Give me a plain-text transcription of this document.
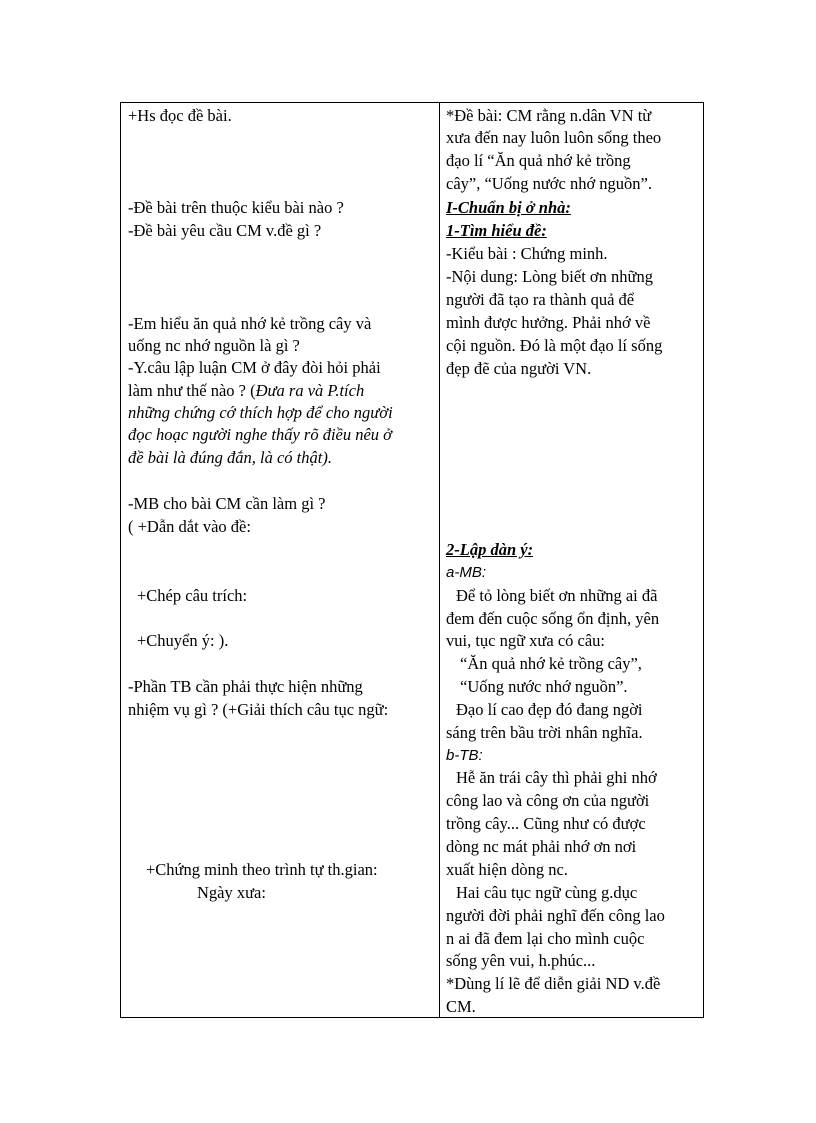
+Hs đọc đề bài.
-Đề bài trên thuộc kiểu bài nào ?
-Đề bài yêu cầu CM v.đề gì ?
-Em hiểu ăn quả nhớ kẻ trồng cây và
uống nc nhớ nguồn là gì ?
-Y.câu lập luận CM ở đây đòi hỏi phải
làm như thế nào ? (Đưa ra và P.tích
những chứng cớ thích hợp để cho người
đọc hoạc người nghe thấy rõ điều nêu ở
đề bài là đúng đắn, là có thật).
-MB cho bài CM cần làm gì ?
( +Dẫn dắt vào đề:
+Chép câu trích:
+Chuyển ý: ).
-Phần TB cần phải thực hiện những
nhiệm vụ gì ? (+Giải thích câu tục ngữ:
+Chứng minh theo trình tự th.gian:
Ngày xưa:
*Đề bài: CM rằng n.dân VN từ
xưa đến nay luôn luôn sống theo
đạo lí “Ăn quả nhớ kẻ trồng
cây”, “Uống nước nhớ nguồn”.
I-Chuẩn bị ở nhà:
1-Tìm hiểu đề:
-Kiểu bài : Chứng minh.
-Nội dung: Lòng biết ơn những
người đã tạo ra thành quả để
mình được hưởng. Phải nhớ về
cội nguồn. Đó là một đạo lí sống
đẹp đẽ của người VN.
2-Lập dàn ý:
a-MB:
Để tỏ lòng biết ơn những ai đã
đem đến cuộc sống ổn định, yên
vui, tục ngữ xưa có câu:
“Ăn quả nhớ kẻ trồng cây”,
“Uống nước nhớ nguồn”.
Đạo lí cao đẹp đó đang ngời
sáng trên bầu trời nhân nghĩa.
b-TB:
Hễ ăn trái cây thì phải ghi nhớ
công lao và công ơn của người
trồng cây... Cũng như có được
dòng nc mát phải nhớ ơn nơi
xuất hiện dòng nc.
Hai câu tục ngữ cùng g.dục
người đời phải nghĩ đến công lao
n ai đã đem lại cho mình cuộc
sống yên vui, h.phúc...
*Dùng lí lẽ để diễn giải ND v.đề
CM.
